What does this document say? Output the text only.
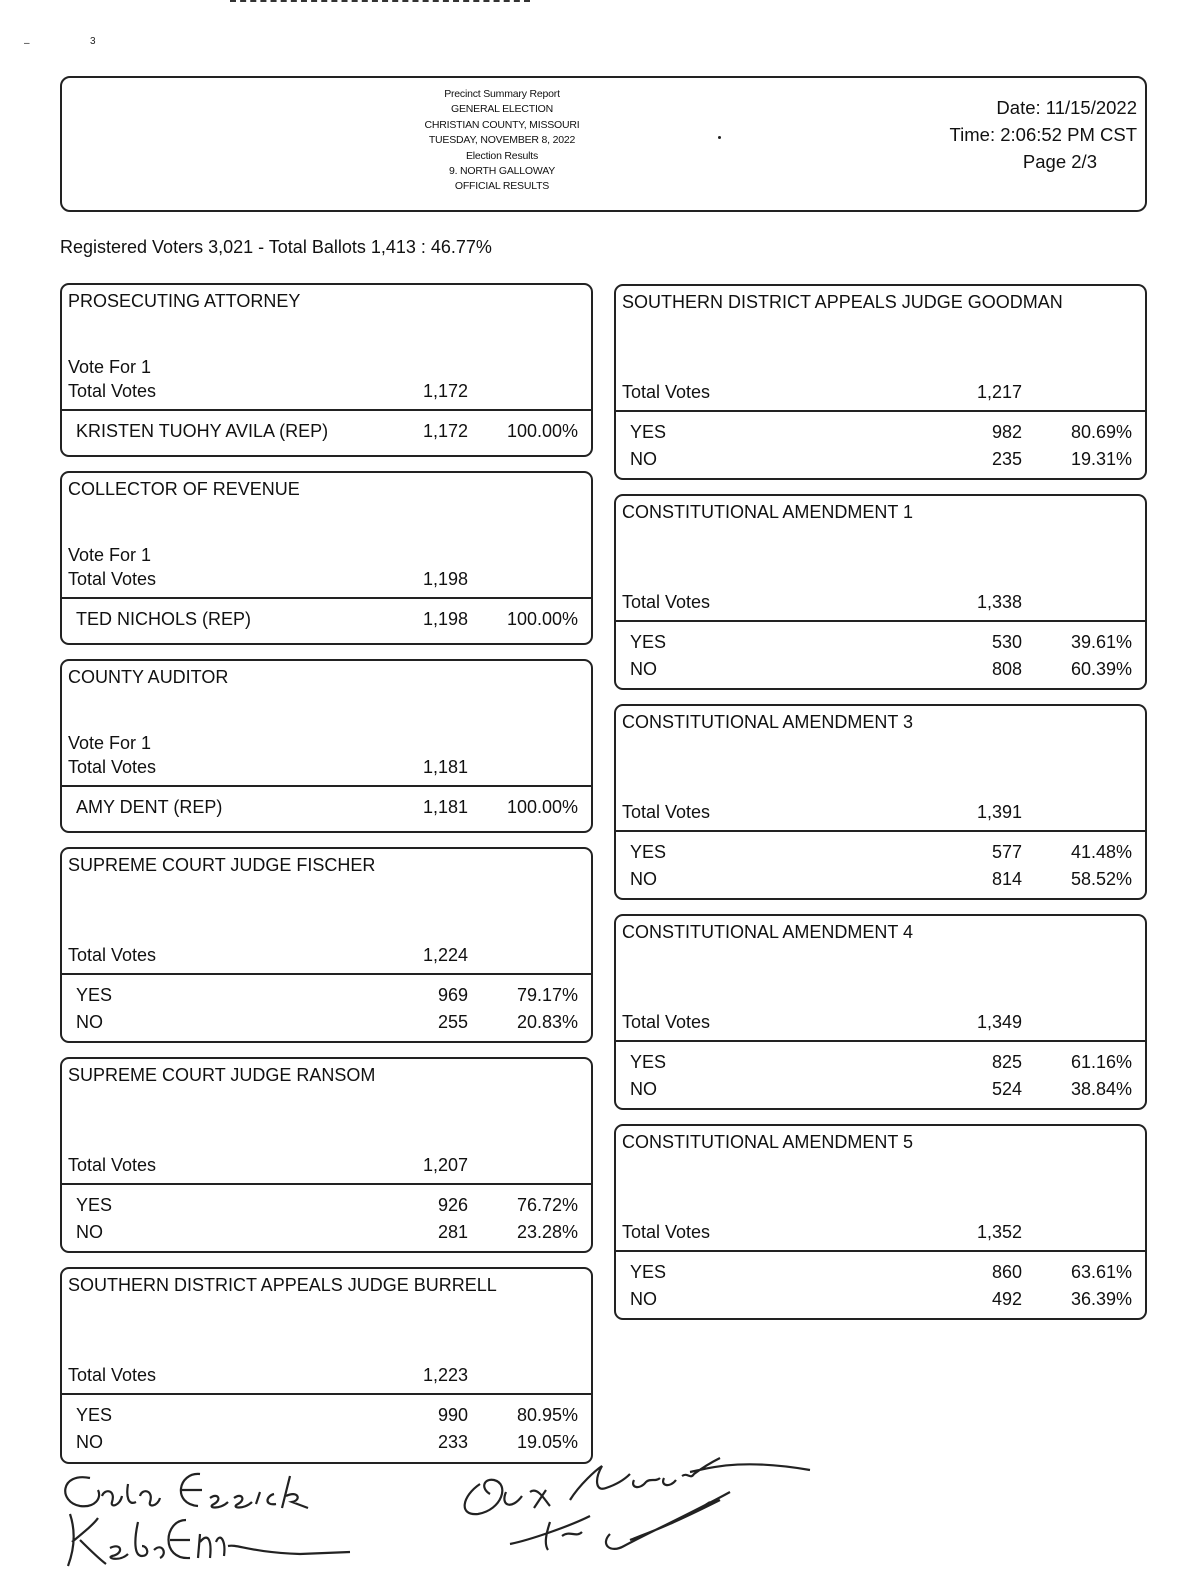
–	3
Precinct Summary Report
GENERAL ELECTION
CHRISTIAN COUNTY, MISSOURI
TUESDAY, NOVEMBER 8, 2022
Election Results
9. NORTH GALLOWAY
OFFICIAL RESULTS
Date: 11/15/2022
Time: 2:06:52 PM CST
Page 2/3
Registered Voters 3,021 - Total Ballots 1,413 : 46.77%
PROSECUTING ATTORNEY
Vote For 1
Total Votes	1,172
KRISTEN TUOHY AVILA (REP)	1,172	100.00%
COLLECTOR OF REVENUE
Vote For 1
Total Votes	1,198
TED NICHOLS (REP)	1,198	100.00%
COUNTY AUDITOR
Vote For 1
Total Votes	1,181
AMY DENT (REP)	1,181	100.00%
SUPREME COURT JUDGE FISCHER
Total Votes	1,224
YES	969	79.17%
NO	255	20.83%
SUPREME COURT JUDGE RANSOM
Total Votes	1,207
YES	926	76.72%
NO	281	23.28%
SOUTHERN DISTRICT APPEALS JUDGE BURRELL
Total Votes	1,223
YES	990	80.95%
NO	233	19.05%
SOUTHERN DISTRICT APPEALS JUDGE GOODMAN
Total Votes	1,217
YES	982	80.69%
NO	235	19.31%
CONSTITUTIONAL AMENDMENT 1
Total Votes	1,338
YES	530	39.61%
NO	808	60.39%
CONSTITUTIONAL AMENDMENT 3
Total Votes	1,391
YES	577	41.48%
NO	814	58.52%
CONSTITUTIONAL AMENDMENT 4
Total Votes	1,349
YES	825	61.16%
NO	524	38.84%
CONSTITUTIONAL AMENDMENT 5
Total Votes	1,352
YES	860	63.61%
NO	492	36.39%
